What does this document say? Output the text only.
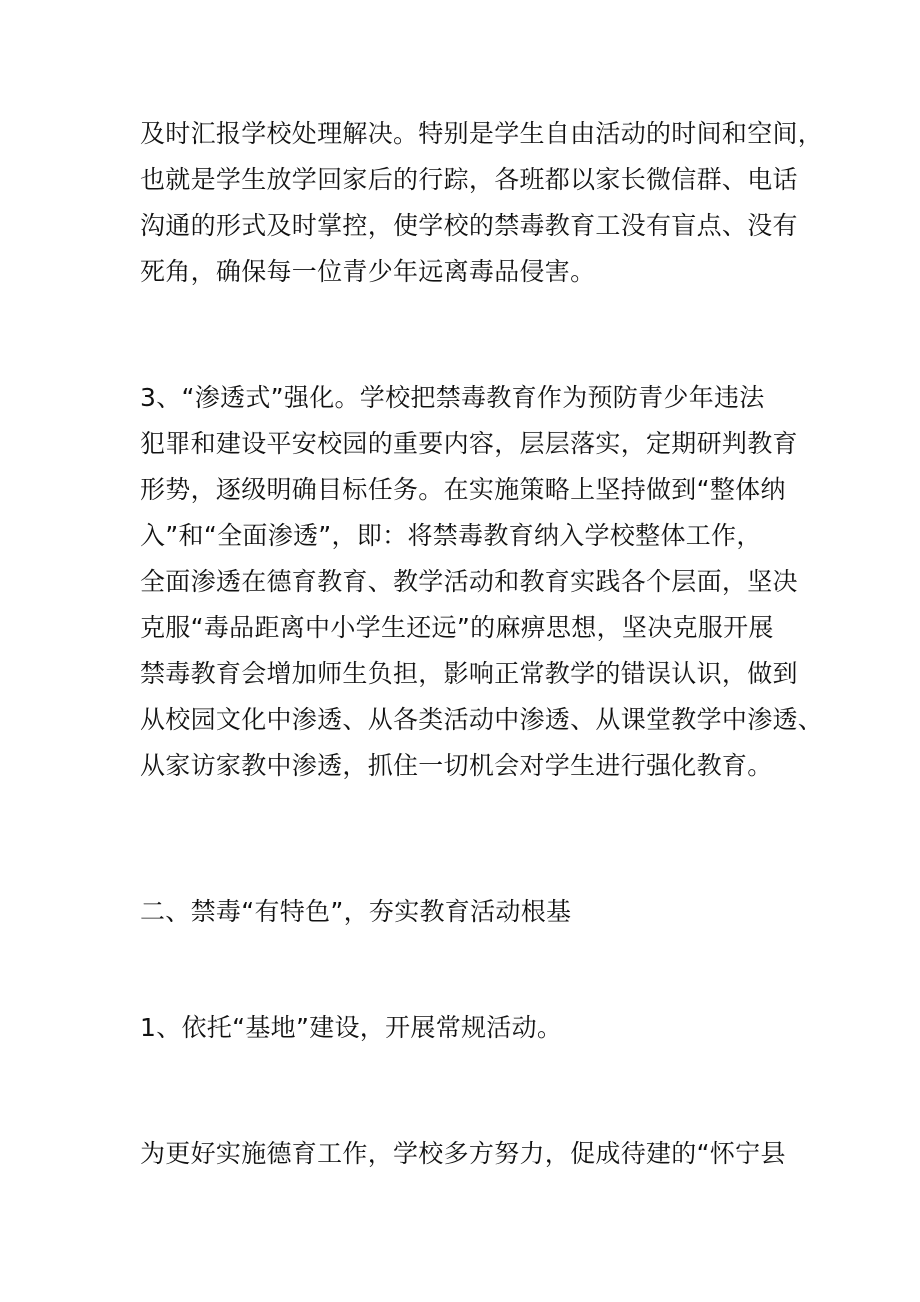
及时汇报学校处理解决。特别是学生自由活动的时间和空间，
也就是学生放学回家后的行踪，各班都以家长微信群、电话
沟通的形式及时掌控，使学校的禁毒教育工没有盲点、没有
死角，确保每一位青少年远离毒品侵害。

3、“渗透式”强化。学校把禁毒教育作为预防青少年违法
犯罪和建设平安校园的重要内容，层层落实，定期研判教育
形势，逐级明确目标任务。在实施策略上坚持做到“整体纳
入”和“全面渗透”，即：将禁毒教育纳入学校整体工作，
全面渗透在德育教育、教学活动和教育实践各个层面，坚决
克服“毒品距离中小学生还远”的麻痹思想，坚决克服开展
禁毒教育会增加师生负担，影响正常教学的错误认识，做到
从校园文化中渗透、从各类活动中渗透、从课堂教学中渗透、
从家访家教中渗透，抓住一切机会对学生进行强化教育。

二、禁毒“有特色”，夯实教育活动根基

1、依托“基地”建设，开展常规活动。

为更好实施德育工作，学校多方努力，促成待建的“怀宁县
